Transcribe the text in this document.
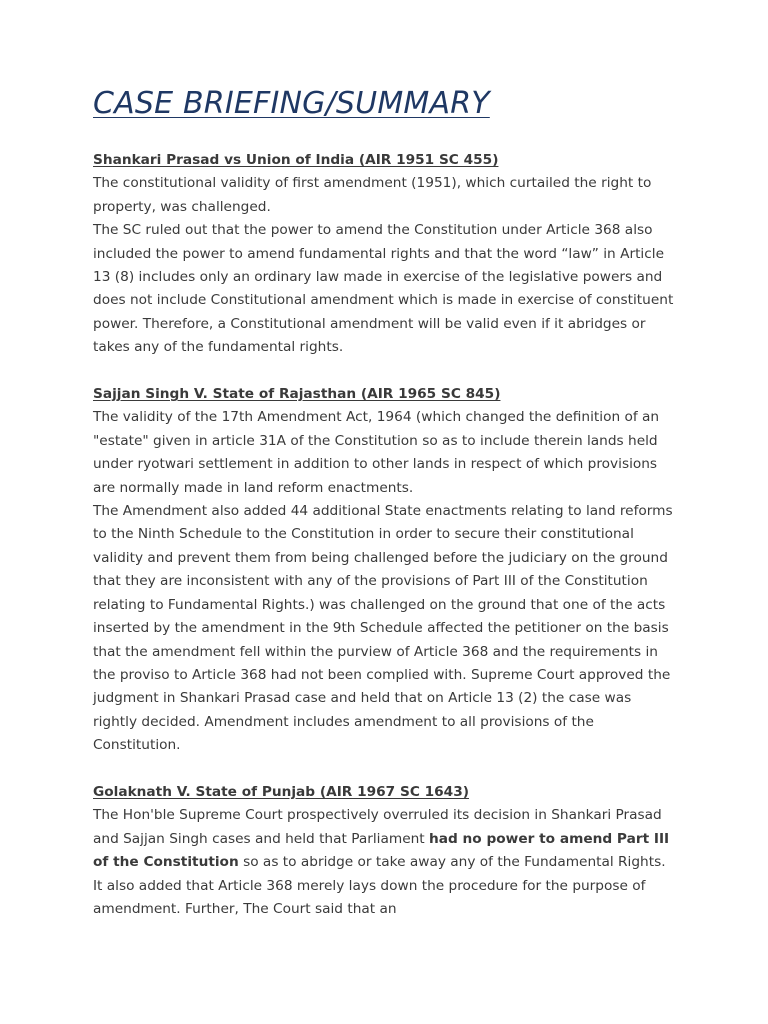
CASE BRIEFING/SUMMARY

Shankari Prasad vs Union of India (AIR 1951 SC 455)

The constitutional validity of first amendment (1951), which curtailed the right to property, was challenged.

The SC ruled out that the power to amend the Constitution under Article 368 also included the power to amend fundamental rights and that the word “law” in Article 13 (8) includes only an ordinary law made in exercise of the legislative powers and does not include Constitutional amendment which is made in exercise of constituent power. Therefore, a Constitutional amendment will be valid even if it abridges or takes any of the fundamental rights.

Sajjan Singh V. State of Rajasthan (AIR 1965 SC 845)

The validity of the 17th Amendment Act, 1964 (which changed the definition of an "estate" given in article 31A of the Constitution so as to include therein lands held under ryotwari settlement in addition to other lands in respect of which provisions are normally made in land reform enactments.

The Amendment also added 44 additional State enactments relating to land reforms to the Ninth Schedule to the Constitution in order to secure their constitutional validity and prevent them from being challenged before the judiciary on the ground that they are inconsistent with any of the provisions of Part III of the Constitution relating to Fundamental Rights.) was challenged on the ground that one of the acts inserted by the amendment in the 9th Schedule affected the petitioner on the basis that the amendment fell within the purview of Article 368 and the requirements in the proviso to Article 368 had not been complied with. Supreme Court approved the judgment in Shankari Prasad case and held that on Article 13 (2) the case was rightly decided. Amendment includes amendment to all provisions of the Constitution.

Golaknath V. State of Punjab (AIR 1967 SC 1643)

The Hon'ble Supreme Court prospectively overruled its decision in Shankari Prasad and Sajjan Singh cases and held that Parliament had no power to amend Part III of the Constitution so as to abridge or take away any of the Fundamental Rights. It also added that Article 368 merely lays down the procedure for the purpose of amendment. Further, The Court said that an
